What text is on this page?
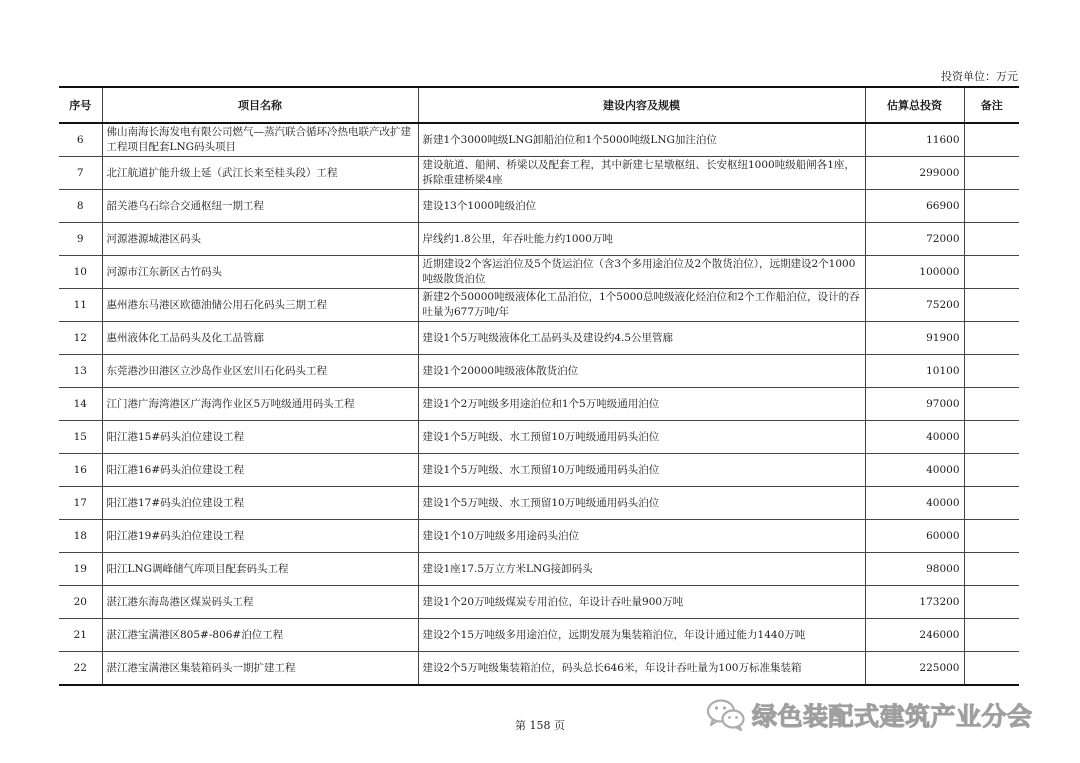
投资单位：万元
序号	项目名称	建设内容及规模	估算总投资	备注
6	佛山南海长海发电有限公司燃气—蒸汽联合循环冷热电联产改扩建工程项目配套LNG码头项目	新建1个3000吨级LNG卸船泊位和1个5000吨级LNG加注泊位	11600	
7	北江航道扩能升级上延（武江长来至桂头段）工程	建设航道、船闸、桥梁以及配套工程，其中新建七星墩枢纽、长安枢纽1000吨级船闸各1座，拆除重建桥梁4座	299000	
8	韶关港乌石综合交通枢纽一期工程	建设13个1000吨级泊位	66900	
9	河源港源城港区码头	岸线约1.8公里，年吞吐能力约1000万吨	72000	
10	河源市江东新区古竹码头	近期建设2个客运泊位及5个货运泊位（含3个多用途泊位及2个散货泊位），远期建设2个1000吨级散货泊位	100000	
11	惠州港东马港区欧德油储公用石化码头三期工程	新建2个50000吨级液体化工品泊位，1个5000总吨级液化烃泊位和2个工作船泊位，设计的吞吐量为677万吨/年	75200	
12	惠州液体化工品码头及化工品管廊	建设1个5万吨级液体化工品码头及建设约4.5公里管廊	91900	
13	东莞港沙田港区立沙岛作业区宏川石化码头工程	建设1个20000吨级液体散货泊位	10100	
14	江门港广海湾港区广海湾作业区5万吨级通用码头工程	建设1个2万吨级多用途泊位和1个5万吨级通用泊位	97000	
15	阳江港15#码头泊位建设工程	建设1个5万吨级、水工预留10万吨级通用码头泊位	40000	
16	阳江港16#码头泊位建设工程	建设1个5万吨级、水工预留10万吨级通用码头泊位	40000	
17	阳江港17#码头泊位建设工程	建设1个5万吨级、水工预留10万吨级通用码头泊位	40000	
18	阳江港19#码头泊位建设工程	建设1个10万吨级多用途码头泊位	60000	
19	阳江LNG调峰储气库项目配套码头工程	建设1座17.5万立方米LNG接卸码头	98000	
20	湛江港东海岛港区煤炭码头工程	建设1个20万吨级煤炭专用泊位，年设计吞吐量900万吨	173200	
21	湛江港宝满港区805#-806#泊位工程	建设2个15万吨级多用途泊位，远期发展为集装箱泊位，年设计通过能力1440万吨	246000	
22	湛江港宝满港区集装箱码头一期扩建工程	建设2个5万吨级集装箱泊位，码头总长646米，年设计吞吐量为100万标准集装箱	225000	
第 158 页	绿色装配式建筑产业分会
